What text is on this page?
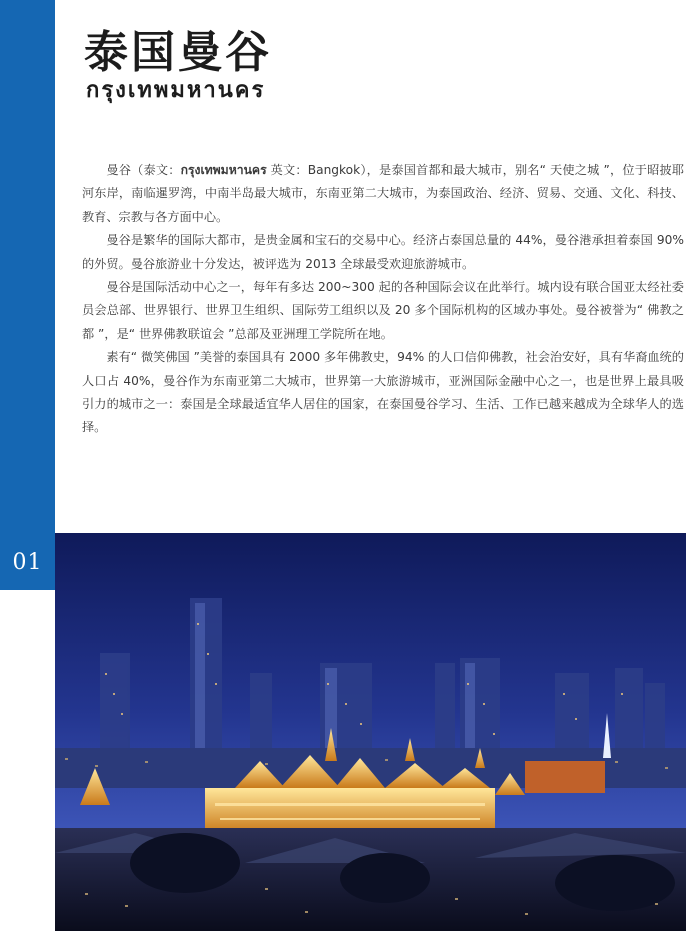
01
泰国曼谷
กรุงเทพมหานคร

曼谷（泰文：กรุงเทพมหานคร 英文：Bangkok），是泰国首都和最大城市，别名“ 天使之城 ”，位于昭披耶河东岸，南临暹罗湾，中南半岛最大城市，东南亚第二大城市，为泰国政治、经济、贸易、交通、文化、科技、教育、宗教与各方面中心。

曼谷是繁华的国际大都市，是贵金属和宝石的交易中心。经济占泰国总量的 44%，曼谷港承担着泰国 90% 的外贸。曼谷旅游业十分发达，被评选为 2013 全球最受欢迎旅游城市。

曼谷是国际活动中心之一，每年有多达 200~300 起的各种国际会议在此举行。城内设有联合国亚太经社委员会总部、世界银行、世界卫生组织、国际劳工组织以及 20 多个国际机构的区域办事处。曼谷被誉为“ 佛教之都 ”，是“ 世界佛教联谊会 ”总部及亚洲理工学院所在地。

素有“ 微笑佛国 ”美誉的泰国具有 2000 多年佛教史，94% 的人口信仰佛教，社会治安好，具有华裔血统的人口占 40%，曼谷作为东南亚第二大城市，世界第一大旅游城市，亚洲国际金融中心之一，也是世界上最具吸引力的城市之一：泰国是全球最适宜华人居住的国家，在泰国曼谷学习、生活、工作已越来越成为全球华人的选择。
